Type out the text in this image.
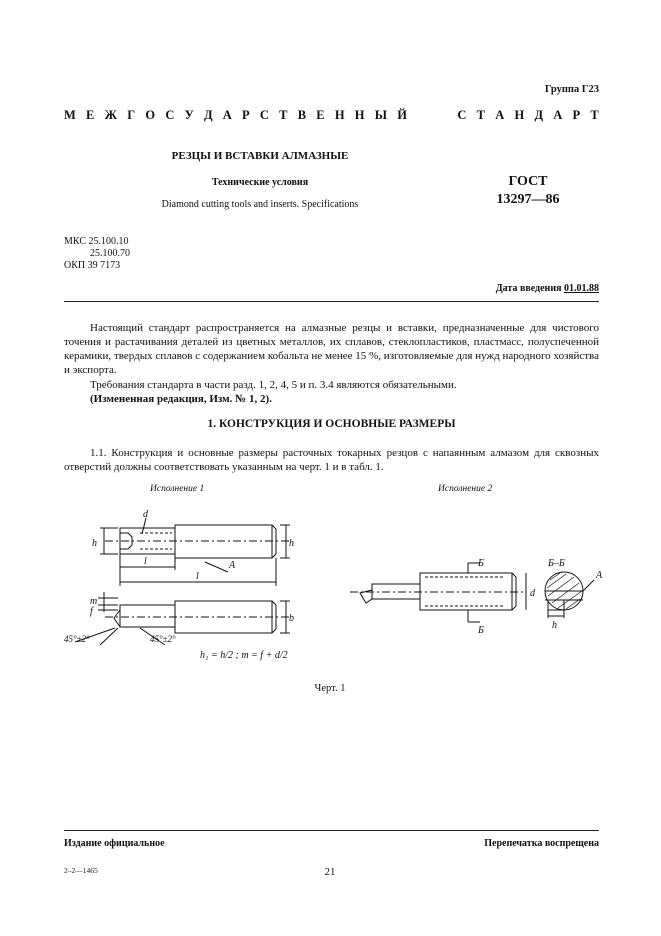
Группа Г23
М Е Ж Г О С У Д А Р С Т В Е Н Н Ы Й	С Т А Н Д А Р Т
РЕЗЦЫ И ВСТАВКИ АЛМАЗНЫЕ
Технические условия
Diamond cutting tools and inserts. Specifications
ГОСТ
13297—86
МКС 25.100.10
25.100.70
ОКП 39 7173
Дата введения 01.01.88
Настоящий стандарт распространяется на алмазные резцы и вставки, предназначенные для чистового точения и растачивания деталей из цветных металлов, их сплавов, стеклопластиков, пластмасс, полуспеченной керамики, твердых сплавов с содержанием кобальта не менее 15 %, изготовляемые для нужд народного хозяйства и экспорта.
Требования стандарта в части разд. 1, 2, 4, 5 и п. 3.4 являются обязательными.
(Измененная редакция, Изм. № 1, 2).
1. КОНСТРУКЦИЯ И ОСНОВНЫЕ РАЗМЕРЫ
1.1. Конструкция и основные размеры расточных токарных резцов с напаянным алмазом для сквозных отверстий должны соответствовать указанным на черт. 1 и в табл. 1.
Исполнение 1	Исполнение 2
d
h	h
l
l
A
m
f
b
45°±2°	45°±2°
h₁ = h/2 ; m = f + d/2
Б
Б
Б–Б
A
d
h
Черт. 1
Издание официальное	Перепечатка воспрещена
2–2—1465	21
